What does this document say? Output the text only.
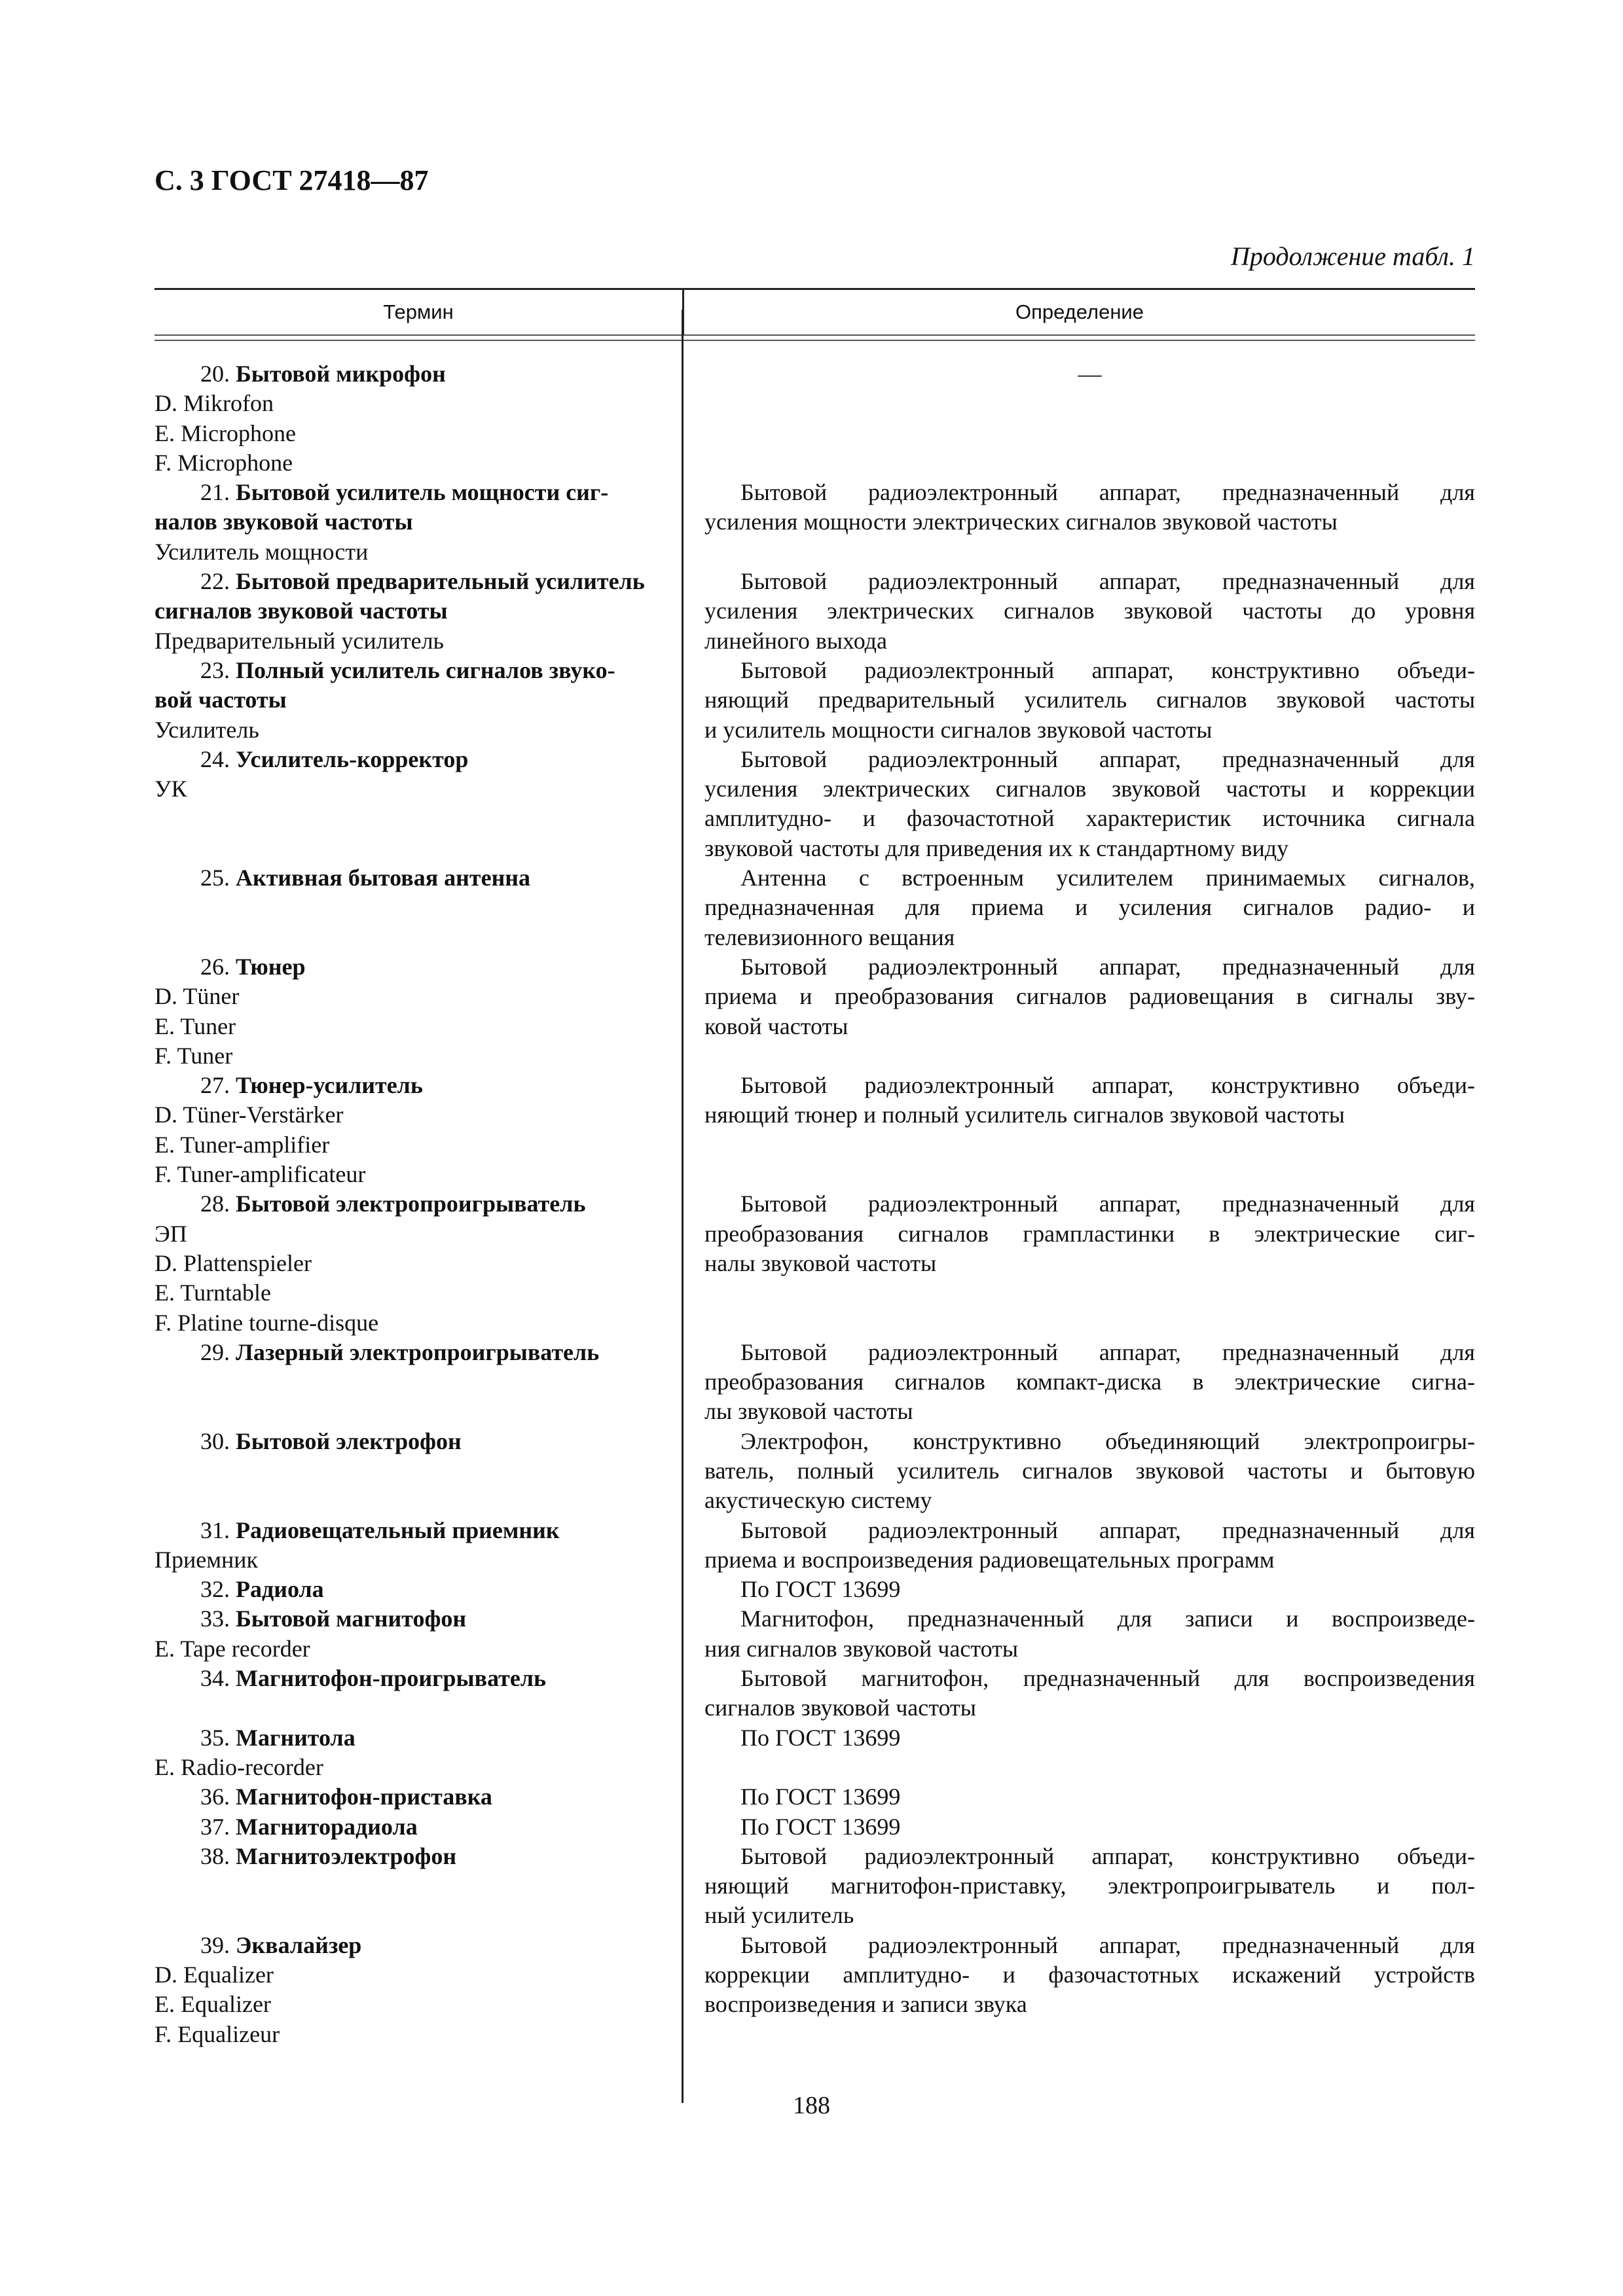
С. 3 ГОСТ 27418—87
Продолжение табл. 1
Термин	Определение
20. Бытовой микрофон
D. Mikrofon
E. Microphone
F. Microphone
21. Бытовой усилитель мощности сиг-
налов звуковой частоты
Усилитель мощности
22. Бытовой предварительный усилитель
сигналов звуковой частоты
Предварительный усилитель
23. Полный усилитель сигналов звуко-
вой частоты
Усилитель
24. Усилитель-корректор
УК
25. Активная бытовая антенна
26. Тюнер
D. Tüner
E. Tuner
F. Tuner
27. Тюнер-усилитель
D. Tüner-Verstärker
E. Tuner-amplifier
F. Tuner-amplificateur
28. Бытовой электропроигрыватель
ЭП
D. Plattenspieler
E. Turntable
F. Platine tourne-disque
29. Лазерный электропроигрыватель
30. Бытовой электрофон
31. Радиовещательный приемник
Приемник
32. Радиола
33. Бытовой магнитофон
E. Tape recorder
34. Магнитофон-проигрыватель
35. Магнитола
E. Radio-recorder
36. Магнитофон-приставка
37. Магниторадиола
38. Магнитоэлектрофон
39. Эквалайзер
D. Equalizer
E. Equalizer
F. Equalizeur
—
Бытовой радиоэлектронный аппарат, предназначенный для
усиления мощности электрических сигналов звуковой частоты
Бытовой радиоэлектронный аппарат, предназначенный для
усиления электрических сигналов звуковой частоты до уровня
линейного выхода
Бытовой радиоэлектронный аппарат, конструктивно объеди-
няющий предварительный усилитель сигналов звуковой частоты
и усилитель мощности сигналов звуковой частоты
Бытовой радиоэлектронный аппарат, предназначенный для
усиления электрических сигналов звуковой частоты и коррекции
амплитудно- и фазочастотной характеристик источника сигнала
звуковой частоты для приведения их к стандартному виду
Антенна с встроенным усилителем принимаемых сигналов,
предназначенная для приема и усиления сигналов радио- и
телевизионного вещания
Бытовой радиоэлектронный аппарат, предназначенный для
приема и преобразования сигналов радиовещания в сигналы зву-
ковой частоты
Бытовой радиоэлектронный аппарат, конструктивно объеди-
няющий тюнер и полный усилитель сигналов звуковой частоты
Бытовой радиоэлектронный аппарат, предназначенный для
преобразования сигналов грампластинки в электрические сиг-
налы звуковой частоты
Бытовой радиоэлектронный аппарат, предназначенный для
преобразования сигналов компакт-диска в электрические сигна-
лы звуковой частоты
Электрофон, конструктивно объединяющий электропроигры-
ватель, полный усилитель сигналов звуковой частоты и бытовую
акустическую систему
Бытовой радиоэлектронный аппарат, предназначенный для
приема и воспроизведения радиовещательных программ
По ГОСТ 13699
Магнитофон, предназначенный для записи и воспроизведе-
ния сигналов звуковой частоты
Бытовой магнитофон, предназначенный для воспроизведения
сигналов звуковой частоты
По ГОСТ 13699
По ГОСТ 13699
По ГОСТ 13699
Бытовой радиоэлектронный аппарат, конструктивно объеди-
няющий магнитофон-приставку, электропроигрыватель и пол-
ный усилитель
Бытовой радиоэлектронный аппарат, предназначенный для
коррекции амплитудно- и фазочастотных искажений устройств
воспроизведения и записи звука
188
